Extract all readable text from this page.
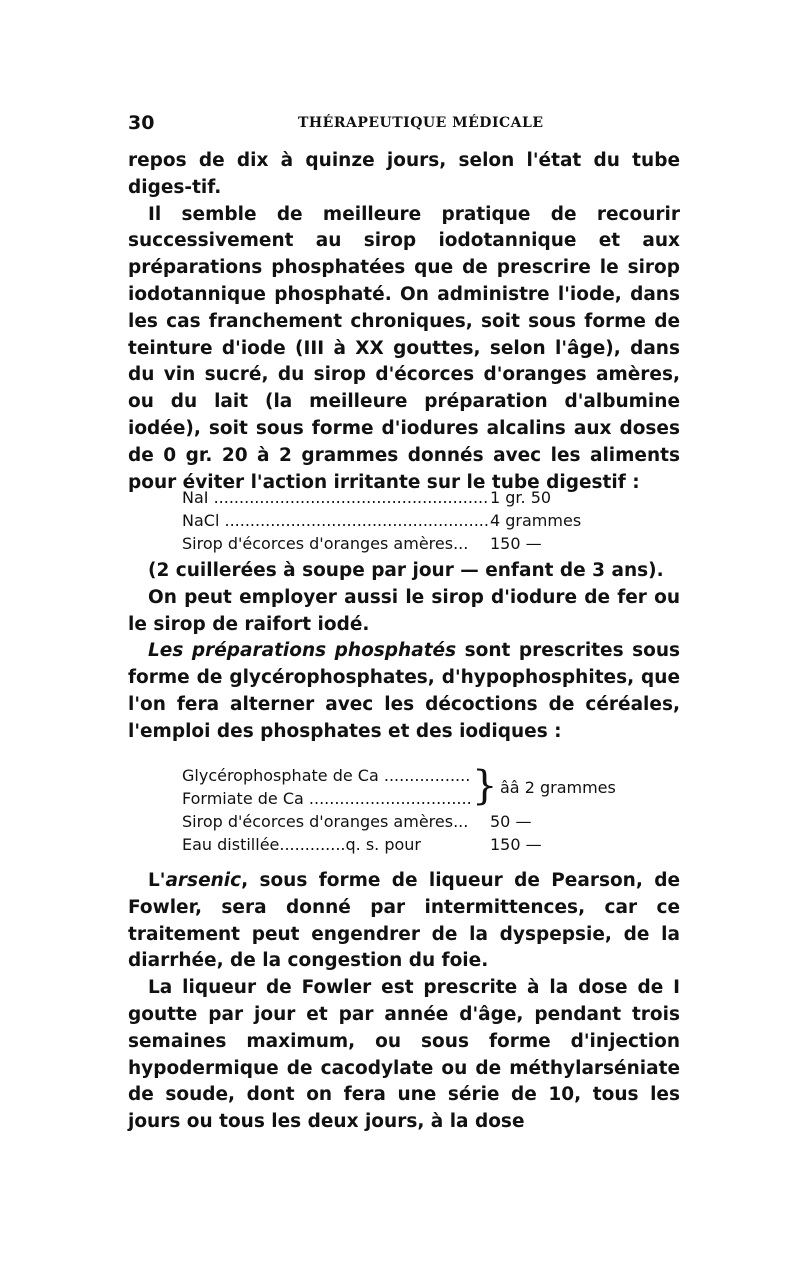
30	THÉRAPEUTIQUE MÉDICALE

repos de dix à quinze jours, selon l'état du tube diges-tif.

Il semble de meilleure pratique de recourir successivement au sirop iodotannique et aux préparations phosphatées que de prescrire le sirop iodotannique phosphaté. On administre l'iode, dans les cas franchement chroniques, soit sous forme de teinture d'iode (III à XX gouttes, selon l'âge), dans du vin sucré, du sirop d'écorces d'oranges amères, ou du lait (la meilleure préparation d'albumine iodée), soit sous forme d'iodures alcalins aux doses de 0 gr. 20 à 2 grammes donnés avec les aliments pour éviter l'action irritante sur le tube digestif :

NaI .....	1 gr. 50
NaCl .....	4 grammes
Sirop d'écorces d'oranges amères...	150 —

(2 cuillerées à soupe par jour — enfant de 3 ans).

On peut employer aussi le sirop d'iodure de fer ou le sirop de raifort iodé.

Les préparations phosphatés sont prescrites sous forme de glycérophosphates, d'hypophosphites, que l'on fera alterner avec les décoctions de céréales, l'emploi des phosphates et des iodiques :

Glycérophosphate de Ca .....
Formiate de Ca .....	} ââ 2 grammes
Sirop d'écorces d'oranges amères...	50 —
Eau distillée.............q. s. pour	150 —

L'arsenic, sous forme de liqueur de Pearson, de Fowler, sera donné par intermittences, car ce traitement peut engendrer de la dyspepsie, de la diarrhée, de la congestion du foie.

La liqueur de Fowler est prescrite à la dose de I goutte par jour et par année d'âge, pendant trois semaines maximum, ou sous forme d'injection hypodermique de cacodylate ou de méthylarséniate de soude, dont on fera une série de 10, tous les jours ou tous les deux jours, à la dose
